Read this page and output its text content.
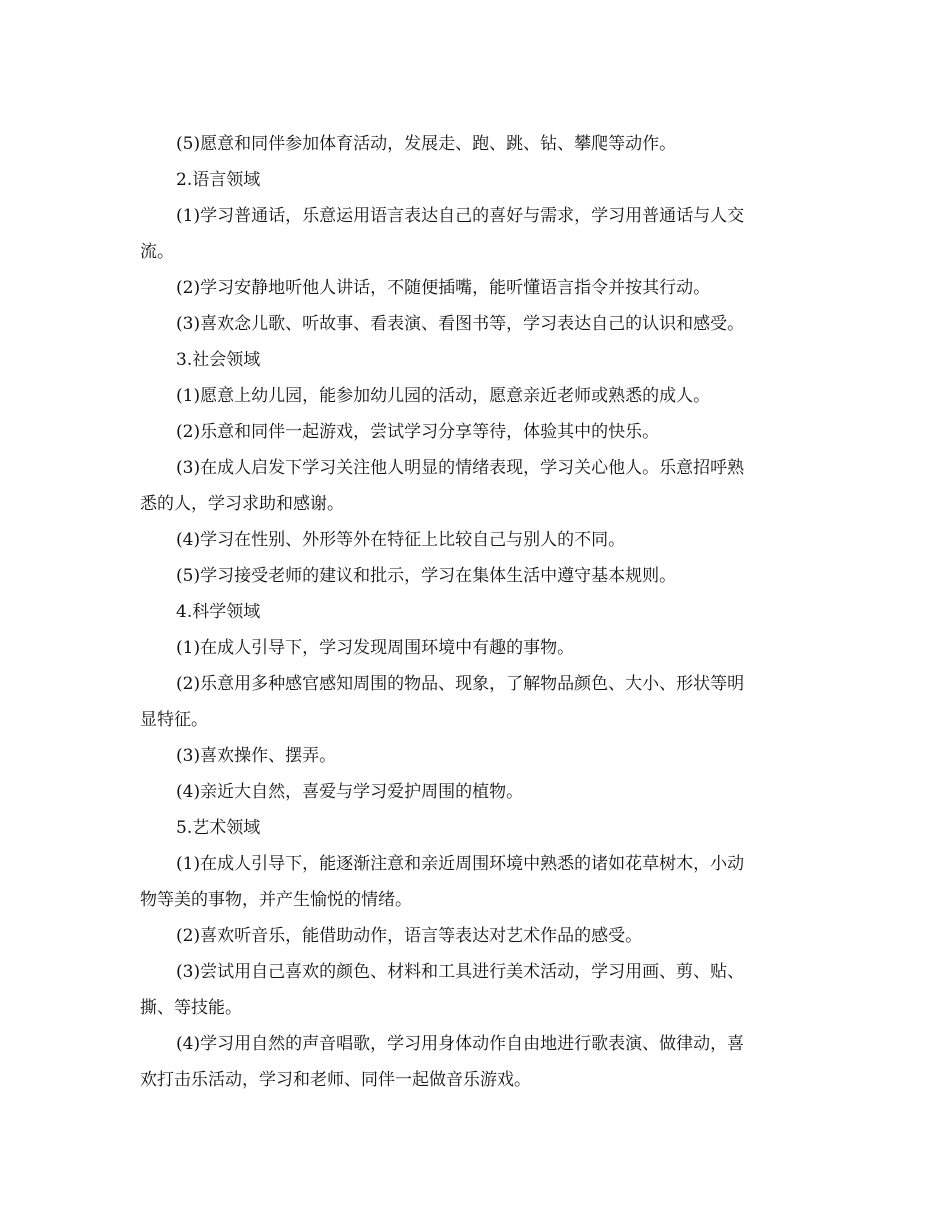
(5)愿意和同伴参加体育活动，发展走、跑、跳、钻、攀爬等动作。
2.语言领域
(1)学习普通话，乐意运用语言表达自己的喜好与需求，学习用普通话与人交
流。
(2)学习安静地听他人讲话，不随便插嘴，能听懂语言指令并按其行动。
(3)喜欢念儿歌、听故事、看表演、看图书等，学习表达自己的认识和感受。
3.社会领域
(1)愿意上幼儿园，能参加幼儿园的活动，愿意亲近老师或熟悉的成人。
(2)乐意和同伴一起游戏，尝试学习分享等待，体验其中的快乐。
(3)在成人启发下学习关注他人明显的情绪表现，学习关心他人。乐意招呼熟
悉的人，学习求助和感谢。
(4)学习在性别、外形等外在特征上比较自己与别人的不同。
(5)学习接受老师的建议和批示，学习在集体生活中遵守基本规则。
4.科学领域
(1)在成人引导下，学习发现周围环境中有趣的事物。
(2)乐意用多种感官感知周围的物品、现象，了解物品颜色、大小、形状等明
显特征。
(3)喜欢操作、摆弄。
(4)亲近大自然，喜爱与学习爱护周围的植物。
5.艺术领域
(1)在成人引导下，能逐渐注意和亲近周围环境中熟悉的诸如花草树木，小动
物等美的事物，并产生愉悦的情绪。
(2)喜欢听音乐，能借助动作，语言等表达对艺术作品的感受。
(3)尝试用自己喜欢的颜色、材料和工具进行美术活动，学习用画、剪、贴、
撕、等技能。
(4)学习用自然的声音唱歌，学习用身体动作自由地进行歌表演、做律动，喜
欢打击乐活动，学习和老师、同伴一起做音乐游戏。
